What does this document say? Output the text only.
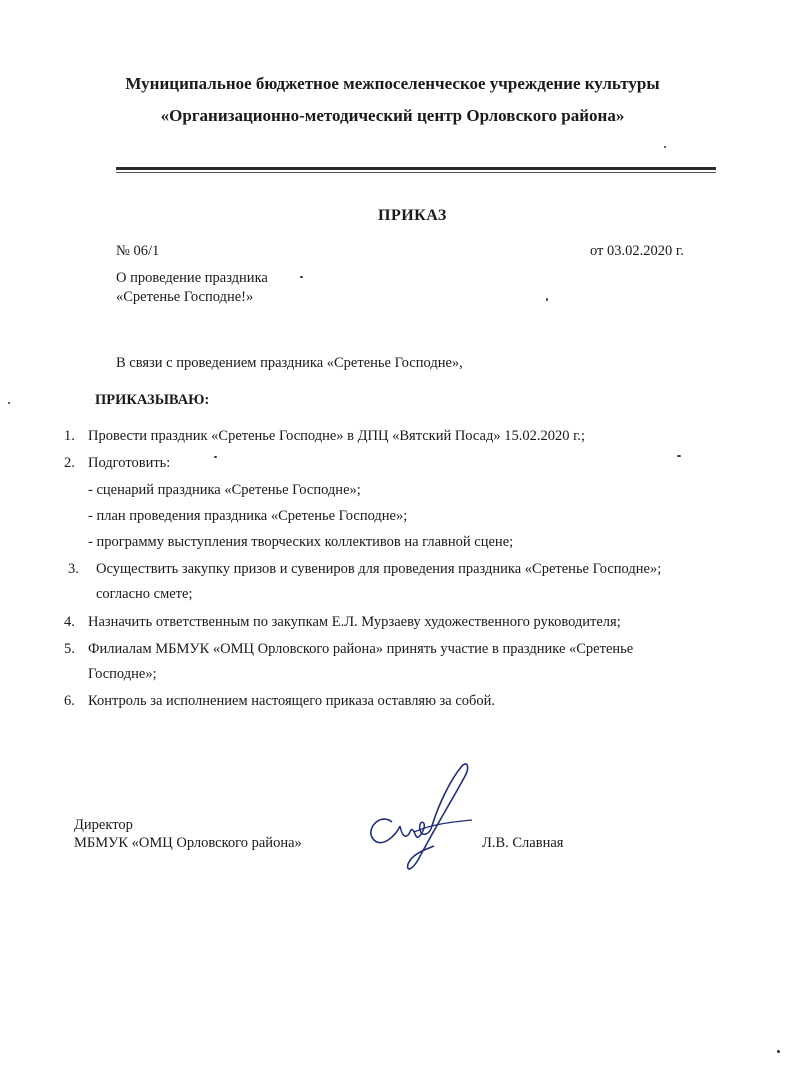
Муниципальное бюджетное межпоселенческое учреждение культуры
«Организационно-методический центр Орловского района»
ПРИКАЗ
№ 06/1	от 03.02.2020 г.
О проведение праздника
«Сретенье Господне!»
В связи с проведением праздника «Сретенье Господне»,
ПРИКАЗЫВАЮ:
1. Провести праздник «Сретенье Господне» в ДПЦ «Вятский Посад» 15.02.2020 г.;
2. Подготовить:
- сценарий праздника «Сретенье Господне»;
- план проведения праздника «Сретенье Господне»;
- программу выступления творческих коллективов на главной сцене;
3. Осуществить закупку призов и сувениров для проведения праздника «Сретенье Господне»;
согласно смете;
4. Назначить ответственным по закупкам Е.Л. Мурзаеву художественного руководителя;
5. Филиалам МБМУК «ОМЦ Орловского района» принять участие в празднике «Сретенье
Господне»;
6. Контроль за исполнением настоящего приказа оставляю за собой.
Директор
МБМУК «ОМЦ Орловского района»	Л.В. Славная
